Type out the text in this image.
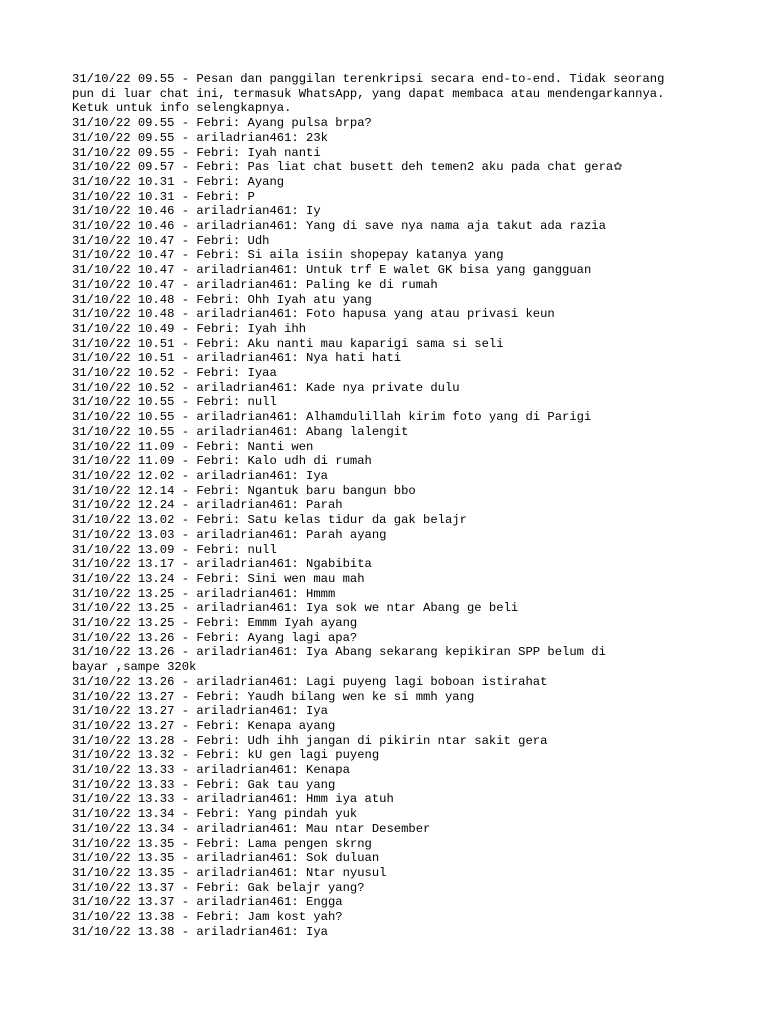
31/10/22 09.55 - Pesan dan panggilan terenkripsi secara end-to-end. Tidak seorang
pun di luar chat ini, termasuk WhatsApp, yang dapat membaca atau mendengarkannya.
Ketuk untuk info selengkapnya.
31/10/22 09.55 - Febri: Ayang pulsa brpa?
31/10/22 09.55 - ariladrian461: 23k
31/10/22 09.55 - Febri: Iyah nanti
31/10/22 09.57 - Febri: Pas liat chat busett deh temen2 aku pada chat gera✿
31/10/22 10.31 - Febri: Ayang
31/10/22 10.31 - Febri: P
31/10/22 10.46 - ariladrian461: Iy
31/10/22 10.46 - ariladrian461: Yang di save nya nama aja takut ada razia
31/10/22 10.47 - Febri: Udh
31/10/22 10.47 - Febri: Si aila isiin shopepay katanya yang
31/10/22 10.47 - ariladrian461: Untuk trf E walet GK bisa yang gangguan
31/10/22 10.47 - ariladrian461: Paling ke di rumah
31/10/22 10.48 - Febri: Ohh Iyah atu yang
31/10/22 10.48 - ariladrian461: Foto hapusa yang atau privasi keun
31/10/22 10.49 - Febri: Iyah ihh
31/10/22 10.51 - Febri: Aku nanti mau kaparigi sama si seli
31/10/22 10.51 - ariladrian461: Nya hati hati
31/10/22 10.52 - Febri: Iyaa
31/10/22 10.52 - ariladrian461: Kade nya private dulu
31/10/22 10.55 - Febri: null
31/10/22 10.55 - ariladrian461: Alhamdulillah kirim foto yang di Parigi
31/10/22 10.55 - ariladrian461: Abang lalengit
31/10/22 11.09 - Febri: Nanti wen
31/10/22 11.09 - Febri: Kalo udh di rumah
31/10/22 12.02 - ariladrian461: Iya
31/10/22 12.14 - Febri: Ngantuk baru bangun bbo
31/10/22 12.24 - ariladrian461: Parah
31/10/22 13.02 - Febri: Satu kelas tidur da gak belajr
31/10/22 13.03 - ariladrian461: Parah ayang
31/10/22 13.09 - Febri: null
31/10/22 13.17 - ariladrian461: Ngabibita
31/10/22 13.24 - Febri: Sini wen mau mah
31/10/22 13.25 - ariladrian461: Hmmm
31/10/22 13.25 - ariladrian461: Iya sok we ntar Abang ge beli
31/10/22 13.25 - Febri: Emmm Iyah ayang
31/10/22 13.26 - Febri: Ayang lagi apa?
31/10/22 13.26 - ariladrian461: Iya Abang sekarang kepikiran SPP belum di
bayar ,sampe 320k
31/10/22 13.26 - ariladrian461: Lagi puyeng lagi boboan istirahat
31/10/22 13.27 - Febri: Yaudh bilang wen ke si mmh yang
31/10/22 13.27 - ariladrian461: Iya
31/10/22 13.27 - Febri: Kenapa ayang
31/10/22 13.28 - Febri: Udh ihh jangan di pikirin ntar sakit gera
31/10/22 13.32 - Febri: kU gen lagi puyeng
31/10/22 13.33 - ariladrian461: Kenapa
31/10/22 13.33 - Febri: Gak tau yang
31/10/22 13.33 - ariladrian461: Hmm iya atuh
31/10/22 13.34 - Febri: Yang pindah yuk
31/10/22 13.34 - ariladrian461: Mau ntar Desember
31/10/22 13.35 - Febri: Lama pengen skrng
31/10/22 13.35 - ariladrian461: Sok duluan
31/10/22 13.35 - ariladrian461: Ntar nyusul
31/10/22 13.37 - Febri: Gak belajr yang?
31/10/22 13.37 - ariladrian461: Engga
31/10/22 13.38 - Febri: Jam kost yah?
31/10/22 13.38 - ariladrian461: Iya
